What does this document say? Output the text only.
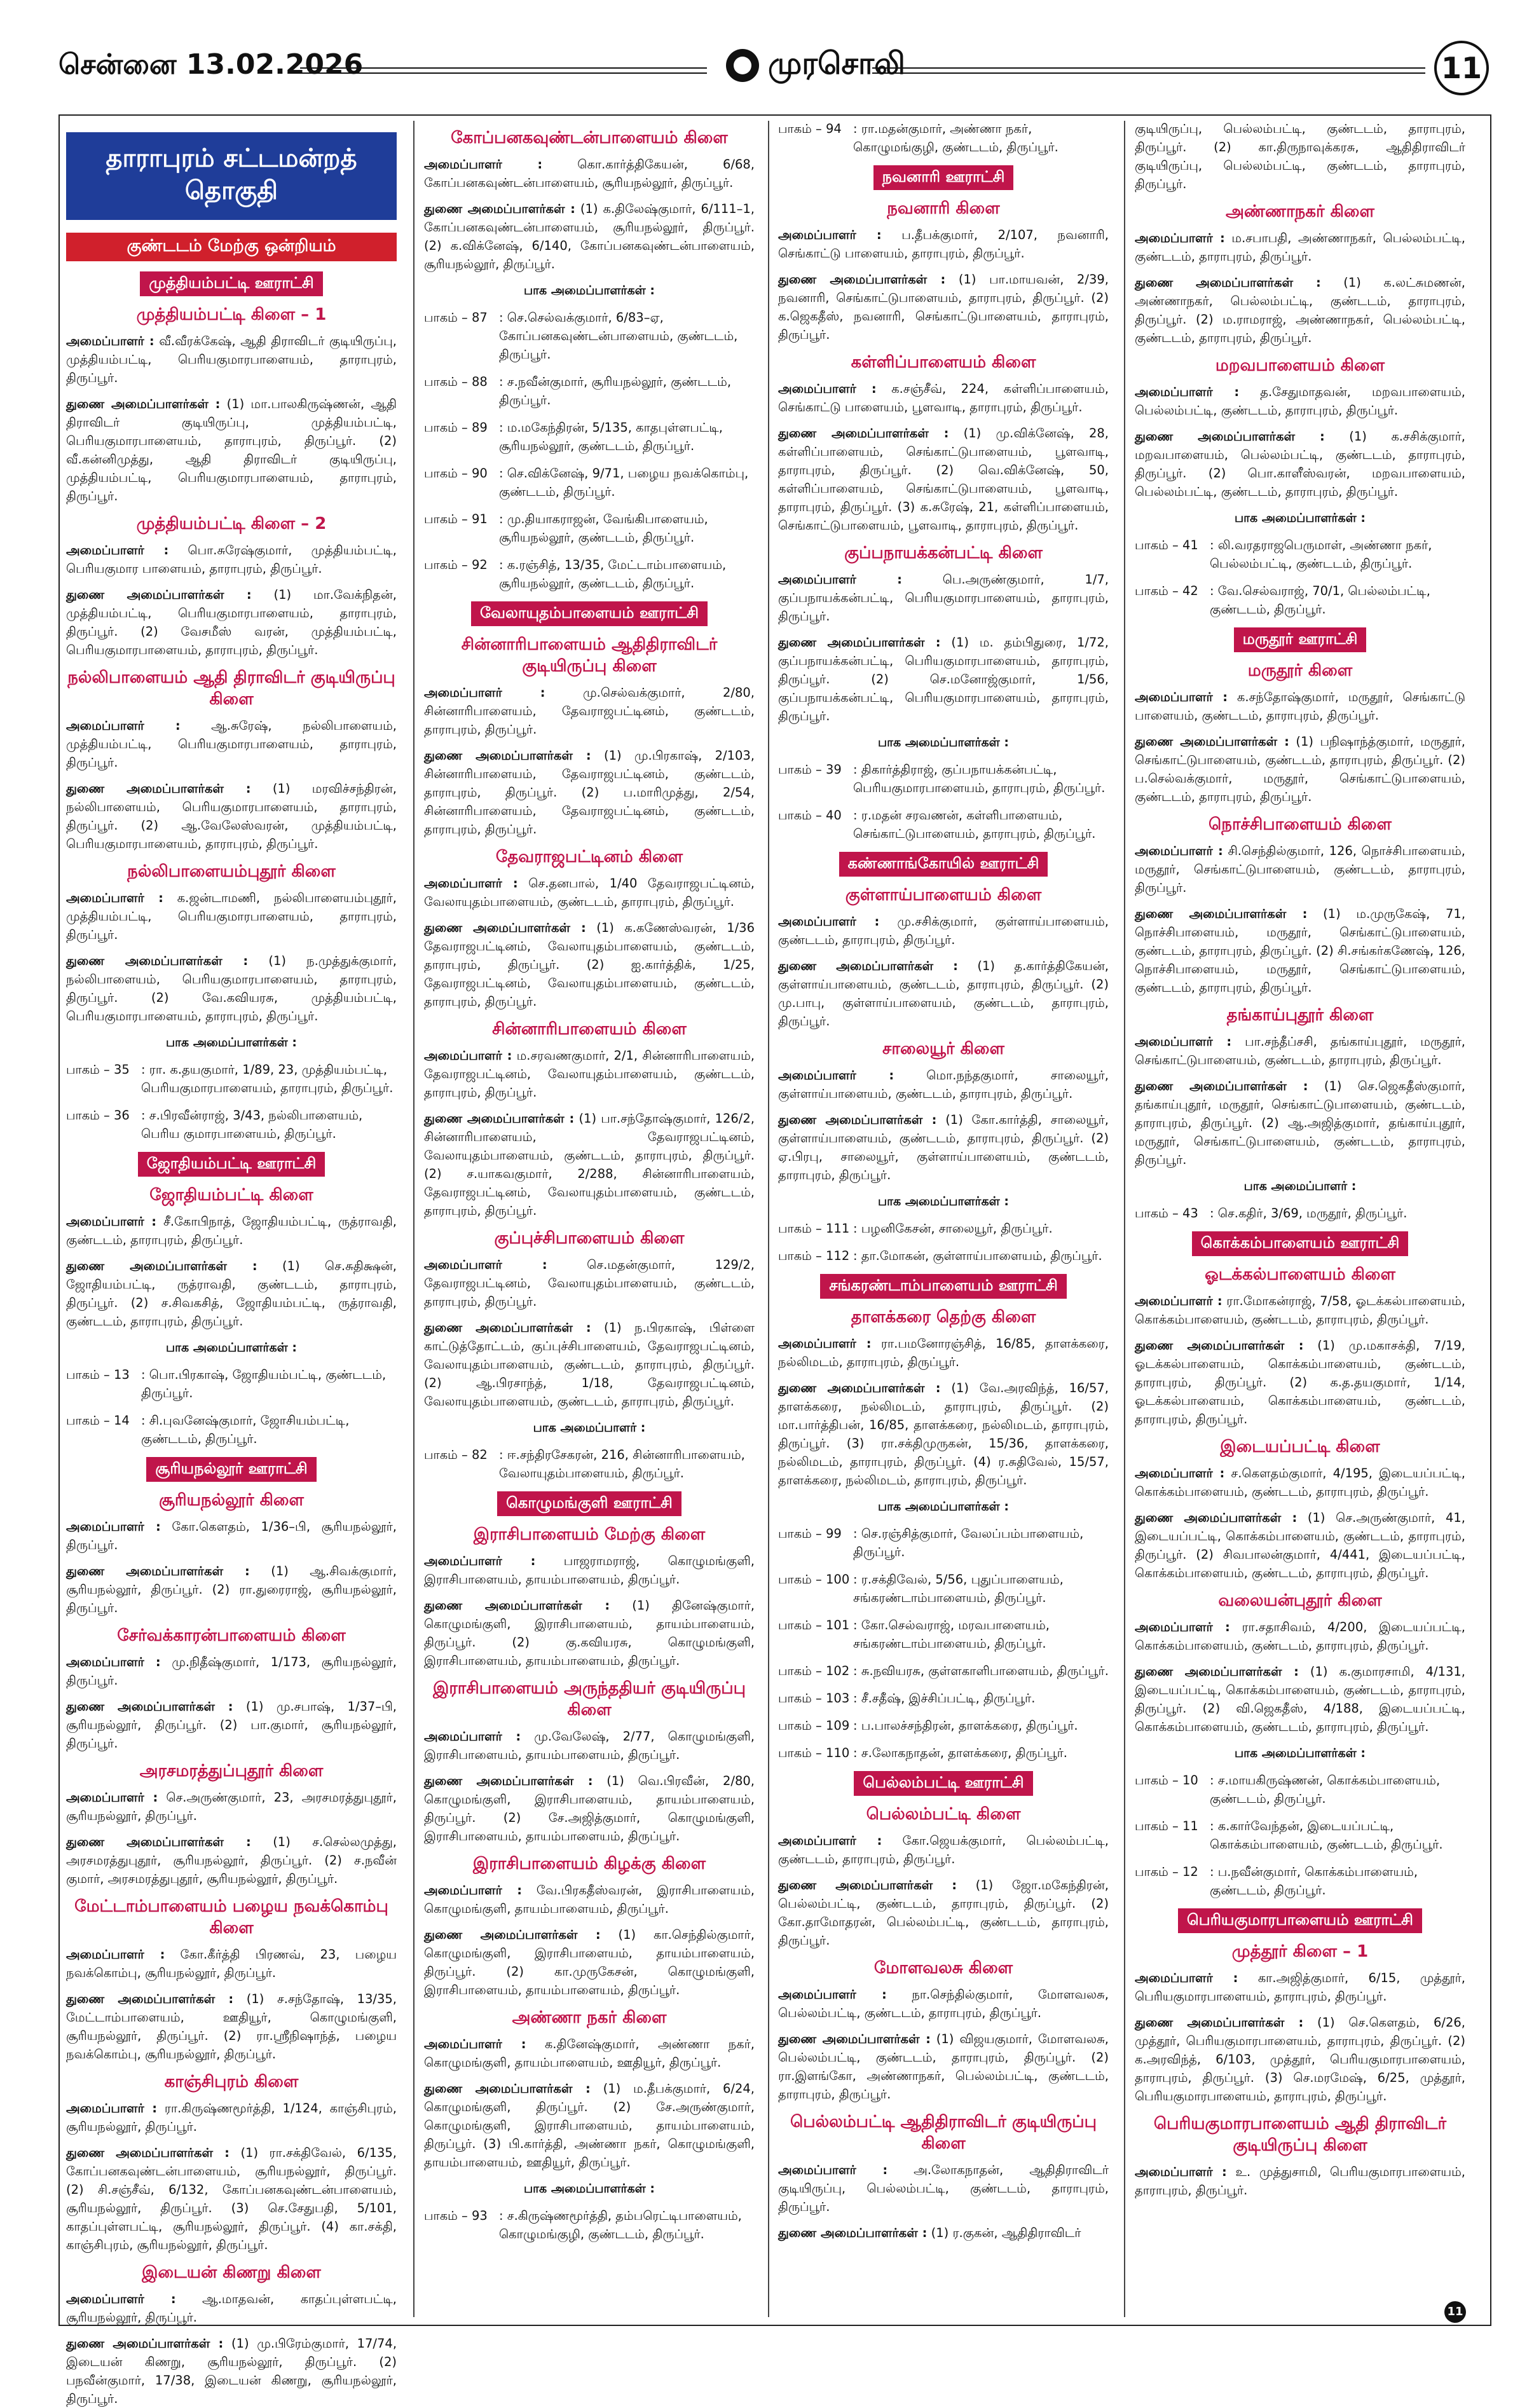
சென்னை 13.02.2026	முரசொலி	11
தாராபுரம் சட்டமன்றத் தொகுதி
குண்டடம் மேற்கு ஒன்றியம்
முத்தியம்பட்டி ஊராட்சி
முத்தியம்பட்டி கிளை – 1
அமைப்பாளர் : வீ.வீரக்கேஷ், ஆதி திராவிடர் குடியிருப்பு, முத்தியம்பட்டி, பெரியகுமாரபாளையம், தாராபுரம், திருப்பூர்.
துணை அமைப்பாளர்கள் : (1) மா.பாலகிருஷ்ணன், ஆதி திராவிடர் குடியிருப்பு, முத்தியம்பட்டி, பெரியகுமாரபாளையம், தாராபுரம், திருப்பூர். (2) வீ.கன்னிமுத்து, ஆதி திராவிடர் குடியிருப்பு, முத்தியம்பட்டி, பெரியகுமாரபாளையம், தாராபுரம், திருப்பூர்.
முத்தியம்பட்டி கிளை – 2
அமைப்பாளர் : பொ.சுரேஷ்குமார், முத்தியம்பட்டி, பெரியகுமார பாளையம், தாராபுரம், திருப்பூர்.
துணை அமைப்பாளர்கள் : (1) மா.வேக்நிதன், முத்தியம்பட்டி, பெரியகுமாரபாளையம், தாராபுரம், திருப்பூர். (2) வேசமீஸ் வரன், முத்தியம்பட்டி, பெரியகுமாரபாளையம், தாராபுரம், திருப்பூர்.
நல்லிபாளையம் ஆதி திராவிடர் குடியிருப்பு கிளை
அமைப்பாளர் : ஆ.சுரேஷ், நல்லிபாளையம், முத்தியம்பட்டி, பெரியகுமாரபாளையம், தாராபுரம், திருப்பூர்.
துணை அமைப்பாளர்கள் : (1) மரவிச்சந்திரன், நல்லிபாளையம், பெரியகுமாரபாளையம், தாராபுரம், திருப்பூர். (2) ஆ.வேலேஸ்வரன், முத்தியம்பட்டி, பெரியகுமாரபாளையம், தாராபுரம், திருப்பூர்.
நல்லிபாளையம்புதூர் கிளை
அமைப்பாளர் : க.ஜன்டாமணி, நல்லிபாளையம்புதூர், முத்தியம்பட்டி, பெரியகுமாரபாளையம், தாராபுரம், திருப்பூர்.
துணை அமைப்பாளர்கள் : (1) ந.முத்துக்குமார், நல்லிபாளையம், பெரியகுமாரபாளையம், தாராபுரம், திருப்பூர். (2) வே.கவியரசு, முத்தியம்பட்டி, பெரியகுமாரபாளையம், தாராபுரம், திருப்பூர்.
பாக அமைப்பாளர்கள் :
பாகம் – 35 : ரா. க.தயகுமார், 1/89, 23, முத்தியம்பட்டி, பெரியகுமாரபாளையம், தாராபுரம், திருப்பூர்.
பாகம் – 36 : ச.பிரவீன்ராஜ், 3/43, நல்லிபாளையம், பெரிய குமாரபாளையம், திருப்பூர்.
ஜோதியம்பட்டி ஊராட்சி
ஜோதியம்பட்டி கிளை
அமைப்பாளர் : சீ.கோபிநாத், ஜோதியம்பட்டி, ருத்ராவதி, குண்டடம், தாராபுரம், திருப்பூர்.
துணை அமைப்பாளர்கள் : (1) செ.சுதிக்ஷன், ஜோதியம்பட்டி, ருத்ராவதி, குண்டடம், தாராபுரம், திருப்பூர். (2) ச.சிவகசித், ஜோதியம்பட்டி, ருத்ராவதி, குண்டடம், தாராபுரம், திருப்பூர்.
பாக அமைப்பாளர்கள் :
பாகம் – 13 : பொ.பிரகாஷ், ஜோதியம்பட்டி, குண்டடம், திருப்பூர்.
பாகம் – 14 : சி.புவனேஷ்குமார், ஜோசியம்பட்டி, குண்டடம், திருப்பூர்.
சூரியநல்லூர் ஊராட்சி
சூரியநல்லூர் கிளை
அமைப்பாளர் : கோ.கௌதம், 1/36–பி, சூரியநல்லூர், திருப்பூர்.
துணை அமைப்பாளர்கள் : (1) ஆ.சிவக்குமார், சூரியநல்லூர், திருப்பூர். (2) ரா.துரைராஜ், சூரியநல்லூர், திருப்பூர்.
சேர்வக்காரன்பாளையம் கிளை
அமைப்பாளர் : மு.நிதீஷ்குமார், 1/173, சூரியநல்லூர், திருப்பூர்.
துணை அமைப்பாளர்கள் : (1) மு.சபாஷ், 1/37–பி, சூரியநல்லூர், திருப்பூர். (2) பா.குமார், சூரியநல்லூர், திருப்பூர்.
அரசமரத்துப்புதூர் கிளை
அமைப்பாளர் : செ.அருண்குமார், 23, அரசமரத்துபுதூர், சூரியநல்லூர், திருப்பூர்.
துணை அமைப்பாளர்கள் : (1) ச.செல்லமுத்து, அரசமரத்துபுதூர், சூரியநல்லூர், திருப்பூர். (2) ச.நவீன் குமார், அரசமரத்துபுதூர், சூரியநல்லூர், திருப்பூர்.
மேட்டாம்பாளையம் பழைய நவக்கொம்பு கிளை
அமைப்பாளர் : கோ.கீர்த்தி பிரணவ், 23, பழைய நவக்கொம்பு, சூரியநல்லூர், திருப்பூர்.
துணை அமைப்பாளர்கள் : (1) ச.சந்தோஷ், 13/35, மேட்டாம்பாளையம், ஊதியூர், கொழுமங்குளி, சூரியநல்லூர், திருப்பூர். (2) ரா.ஸ்ரீநிஷாந்த், பழைய நவக்கொம்பு, சூரியநல்லூர், திருப்பூர்.
காஞ்சிபுரம் கிளை
அமைப்பாளர் : ரா.கிருஷ்ணமூர்த்தி, 1/124, காஞ்சிபுரம், சூரியநல்லூர், திருப்பூர்.
துணை அமைப்பாளர்கள் : (1) ரா.சக்திவேல், 6/135, கோப்பனகவுண்டன்பாளையம், சூரியநல்லூர், திருப்பூர். (2) சி.சஞ்சீவ், 6/132, கோப்பனகவுண்டன்பாளையம், சூரியநல்லூர், திருப்பூர். (3) செ.சேதுபதி, 5/101, காதப்புள்ளபட்டி, சூரியநல்லூர், திருப்பூர். (4) கா.சக்தி, காஞ்சிபுரம், சூரியநல்லூர், திருப்பூர்.
இடையன் கிணறு கிளை
அமைப்பாளர் : ஆ.மாதவன், காதப்புள்ளபட்டி, சூரியநல்லூர், திருப்பூர்.
துணை அமைப்பாளர்கள் : (1) மு.பிரேம்குமார், 17/74, இடையன் கிணறு, சூரியநல்லூர், திருப்பூர். (2) பநவீன்குமார், 17/38, இடையன் கிணறு, சூரியநல்லூர், திருப்பூர்.
கோப்பனகவுண்டன்பாளையம் கிளை
அமைப்பாளர் :	கொ.கார்த்திகேயன், 6/68, கோப்பனகவுண்டன்பாளையம், சூரியநல்லூர், திருப்பூர்.
துணை அமைப்பாளர்கள் : (1) க.திலேஷ்குமார், 6/111–1, கோப்பனகவுண்டன்பாளையம், சூரியநல்லூர், திருப்பூர். (2) க.விக்னேஷ், 6/140, கோப்பனகவுண்டன்பாளையம், சூரியநல்லூர், திருப்பூர்.
பாக அமைப்பாளர்கள் :
பாகம் – 87 : செ.செல்வக்குமார், 6/83–ஏ, கோப்பனகவுண்டன்பாளையம், குண்டடம், திருப்பூர்.
பாகம் – 88 : ச.நவீன்குமார், சூரியநல்லூர், குண்டடம், திருப்பூர்.
பாகம் – 89 : ம.மகேந்திரன், 5/135, காதபுள்ளபட்டி, சூரியநல்லூர், குண்டடம், திருப்பூர்.
பாகம் – 90 : செ.விக்னேஷ், 9/71, பழைய நவக்கொம்பு, குண்டடம், திருப்பூர்.
பாகம் – 91 : மு.தியாகராஜன், வேங்கிபாளையம், சூரியநல்லூர், குண்டடம், திருப்பூர்.
பாகம் – 92 : க.ரஞ்சித், 13/35, மேட்டாம்பாளையம், சூரியநல்லூர், குண்டடம், திருப்பூர்.
வேலாயுதம்பாளையம் ஊராட்சி
சின்னாரிபாளையம் ஆதிதிராவிடர் குடியிருப்பு கிளை
அமைப்பாளர் :	மு.செல்வக்குமார், 2/80, சின்னாரிபாளையம், தேவராஜபட்டினம், குண்டடம், தாராபுரம், திருப்பூர்.
துணை அமைப்பாளர்கள் : (1) மு.பிரகாஷ், 2/103, சின்னாரிபாளையம், தேவராஜபட்டினம், குண்டடம், தாராபுரம், திருப்பூர். (2) ப.மாரிமுத்து, 2/54, சின்னாரிபாளையம், தேவராஜபட்டினம், குண்டடம், தாராபுரம், திருப்பூர்.
தேவராஜபட்டினம் கிளை
அமைப்பாளர் : செ.தனபால், 1/40 தேவராஜபட்டினம், வேலாயுதம்பாளையம், குண்டடம், தாராபுரம், திருப்பூர்.
துணை அமைப்பாளர்கள் : (1) க.கணேஸ்வரன், 1/36 தேவராஜபட்டினம், வேலாயுதம்பாளையம், குண்டடம், தாராபுரம், திருப்பூர். (2) ஐ.கார்த்திக், 1/25, தேவராஜபட்டினம், வேலாயுதம்பாளையம், குண்டடம், தாராபுரம், திருப்பூர்.
சின்னாரிபாளையம் கிளை
அமைப்பாளர் : ம.சரவணகுமார், 2/1, சின்னாரிபாளையம், தேவராஜபட்டினம், வேலாயுதம்பாளையம், குண்டடம், தாராபுரம், திருப்பூர்.
துணை அமைப்பாளர்கள் : (1) பா.சந்தோஷ்குமார், 126/2, சின்னாரிபாளையம், தேவராஜபட்டினம், வேலாயுதம்பாளையம், குண்டடம், தாராபுரம், திருப்பூர். (2) ச.யாகவகுமார், 2/288, சின்னாரிபாளையம், தேவராஜபட்டினம், வேலாயுதம்பாளையம், குண்டடம், தாராபுரம், திருப்பூர்.
குப்புச்சிபாளையம் கிளை
அமைப்பாளர் :	செ.மதன்குமார், 129/2, தேவராஜபட்டினம், வேலாயுதம்பாளையம், குண்டடம், தாராபுரம், திருப்பூர்.
துணை அமைப்பாளர்கள் : (1) ந.பிரகாஷ், பிள்ளை காட்டுத்தோட்டம், குப்புச்சிபாளையம், தேவராஜபட்டினம், வேலாயுதம்பாளையம், குண்டடம், தாராபுரம், திருப்பூர். (2) ஆ.பிரசாந்த், 1/18, தேவராஜபட்டினம், வேலாயுதம்பாளையம், குண்டடம், தாராபுரம், திருப்பூர்.
பாக அமைப்பாளர் :
பாகம் – 82 : ஈ.சந்திரசேகரன், 216, சின்னாரிபாளையம், வேலாயுதம்பாளையம், திருப்பூர்.
கொழுமங்குளி ஊராட்சி
இராசிபாளையம் மேற்கு கிளை
அமைப்பாளர் : பாஜராமராஜ், கொழுமங்குளி, இராசிபாளையம், தாயம்பாளையம், திருப்பூர்.
துணை அமைப்பாளர்கள் : (1) தினேஷ்குமார், கொழுமங்குளி, இராசிபாளையம், தாயம்பாளையம், திருப்பூர். (2) கு.கவியரசு, கொழுமங்குளி, இராசிபாளையம், தாயம்பாளையம், திருப்பூர்.
இராசிபாளையம் அருந்ததியர் குடியிருப்பு கிளை
அமைப்பாளர் : மு.வேலேஷ், 2/77, கொழுமங்குளி, இராசிபாளையம், தாயம்பாளையம், திருப்பூர்.
துணை அமைப்பாளர்கள் : (1) வெ.பிரவீன், 2/80, கொழுமங்குளி, இராசிபாளையம், தாயம்பாளையம், திருப்பூர். (2) சே.அஜித்குமார், கொழுமங்குளி, இராசிபாளையம், தாயம்பாளையம், திருப்பூர்.
இராசிபாளையம் கிழக்கு கிளை
அமைப்பாளர் : வே.பிரகதீஸ்வரன், இராசிபாளையம், கொழுமங்குளி, தாயம்பாளையம், திருப்பூர்.
துணை அமைப்பாளர்கள் : (1) கா.செந்தில்குமார், கொழுமங்குளி, இராசிபாளையம், தாயம்பாளையம், திருப்பூர். (2) கா.முருகேசன், கொழுமங்குளி, இராசிபாளையம், தாயம்பாளையம், திருப்பூர்.
அண்ணா நகர் கிளை
அமைப்பாளர் : க.தினேஷ்குமார், அண்ணா நகர், கொழுமங்குளி, தாயம்பாளையம், ஊதியூர், திருப்பூர்.
துணை அமைப்பாளர்கள் : (1) ம.தீபக்குமார், 6/24, கொழுமங்குளி, திருப்பூர். (2) சே.அருண்குமார், கொழுமங்குளி, இராசிபாளையம், தாயம்பாளையம், திருப்பூர். (3) பி.கார்த்தி, அண்ணா நகர், கொழுமங்குளி, தாயம்பாளையம், ஊதியூர், திருப்பூர்.
பாக அமைப்பாளர்கள் :
பாகம் – 93 : ச.கிருஷ்ணமூர்த்தி, தம்பரெட்டிபாளையம், கொழுமங்குழி, குண்டடம், திருப்பூர்.
பாகம் – 94 : ரா.மதன்குமார், அண்ணா நகர், கொழுமங்குழி, குண்டடம், திருப்பூர்.
நவனாரி ஊராட்சி
நவனாரி கிளை
அமைப்பாளர் : ப.தீபக்குமார், 2/107, நவனாரி, செங்காட்டு பாளையம், தாராபுரம், திருப்பூர்.
துணை அமைப்பாளர்கள் : (1) பா.மாயவன், 2/39, நவனாரி, செங்காட்டுபாளையம், தாராபுரம், திருப்பூர். (2) க.ஜெகதீஸ், நவனாரி, செங்காட்டுபாளையம், தாராபுரம், திருப்பூர்.
கள்ளிப்பாளையம் கிளை
அமைப்பாளர் : க.சஞ்சீவ், 224, கள்ளிப்பாளையம், செங்காட்டு பாளையம், பூளவாடி, தாராபுரம், திருப்பூர்.
துணை அமைப்பாளர்கள் : (1) மு.விக்னேஷ், 28, கள்ளிப்பாளையம், செங்காட்டுபாளையம், பூளவாடி, தாராபுரம், திருப்பூர். (2) வெ.விக்னேஷ், 50, கள்ளிப்பாளையம், செங்காட்டுபாளையம், பூளவாடி, தாராபுரம், திருப்பூர். (3) க.சுரேஷ், 21, கள்ளிப்பாளையம், செங்காட்டுபாளையம், பூளவாடி, தாராபுரம், திருப்பூர்.
குப்பநாயக்கன்பட்டி கிளை
அமைப்பாளர் :	பெ.அருண்குமார், 1/7, குப்பநாயக்கன்பட்டி, பெரியகுமாரபாளையம், தாராபுரம், திருப்பூர்.
துணை அமைப்பாளர்கள் : (1) ம. தம்பிதுரை, 1/72, குப்பநாயக்கன்பட்டி, பெரியகுமாரபாளையம், தாராபுரம், திருப்பூர். (2) செ.மனோஜ்குமார், 1/56, குப்பநாயக்கன்பட்டி, பெரியகுமாரபாளையம், தாராபுரம், திருப்பூர்.
பாக அமைப்பாளர்கள் :
பாகம் – 39 : திகார்த்திராஜ், குப்பநாயக்கன்பட்டி, பெரியகுமாரபாளையம், தாராபுரம், திருப்பூர்.
பாகம் – 40 : ர.மதன் சரவணன், கள்ளிபாளையம், செங்காட்டுபாளையம், தாராபுரம், திருப்பூர்.
கண்ணாங்கோயில் ஊராட்சி
குள்ளாய்பாளையம் கிளை
அமைப்பாளர் : மு.சசிக்குமார், குள்ளாய்பாளையம், குண்டடம், தாராபுரம், திருப்பூர்.
துணை அமைப்பாளர்கள் : (1) த.கார்த்திகேயன், குள்ளாய்பாளையம், குண்டடம், தாராபுரம், திருப்பூர். (2) மு.பாபு, குள்ளாய்பாளையம், குண்டடம், தாராபுரம், திருப்பூர்.
சாலையூர் கிளை
அமைப்பாளர் :	மொ.நந்தகுமார், சாலையூர், குள்ளாய்பாளையம், குண்டடம், தாராபுரம், திருப்பூர்.
துணை அமைப்பாளர்கள் : (1) கோ.கார்த்தி, சாலையூர், குள்ளாய்பாளையம், குண்டடம், தாராபுரம், திருப்பூர். (2) ஏ.பிரபு, சாலையூர், குள்ளாய்பாளையம், குண்டடம், தாராபுரம், திருப்பூர்.
பாக அமைப்பாளர்கள் :
பாகம் – 111 : பழனிகேசன், சாலையூர், திருப்பூர்.
பாகம் – 112 : தா.மோகன், குள்ளாய்பாளையம், திருப்பூர்.
சங்கரண்டாம்பாளையம் ஊராட்சி
தாளக்கரை தெற்கு கிளை
அமைப்பாளர் : ரா.பமனோரஞ்சித், 16/85, தாளக்கரை, நல்லிமடம், தாராபுரம், திருப்பூர்.
துணை அமைப்பாளர்கள் : (1) வே.அரவிந்த், 16/57, தாளக்கரை, நல்லிமடம், தாராபுரம், திருப்பூர். (2) மா.பார்த்திபன், 16/85, தாளக்கரை, நல்லிமடம், தாராபுரம், திருப்பூர். (3) ரா.சக்திமுருகன், 15/36, தாளக்கரை, நல்லிமடம், தாராபுரம், திருப்பூர். (4) ர.சுதிவேல், 15/57, தாளக்கரை, நல்லிமடம், தாராபுரம், திருப்பூர்.
பாக அமைப்பாளர்கள் :
பாகம் – 99 : செ.ரஞ்சித்குமார், வேலப்பம்பாளையம், திருப்பூர்.
பாகம் – 100 : ர.சக்திவேல், 5/56, புதுப்பாளையம், சங்கரண்டாம்பாளையம், திருப்பூர்.
பாகம் – 101 : கோ.செல்வராஜ், மரவபாளையம், சங்கரண்டாம்பாளையம், திருப்பூர்.
பாகம் – 102 : சு.நவியரசு, குள்ளகாளிபாளையம், திருப்பூர்.
பாகம் – 103 : சீ.சதீஷ், இச்சிப்பட்டி, திருப்பூர்.
பாகம் – 109 : ப.பாலச்சந்திரன், தாளக்கரை, திருப்பூர்.
பாகம் – 110 : ச.லோகநாதன், தாளக்கரை, திருப்பூர்.
பெல்லம்பட்டி ஊராட்சி
பெல்லம்பட்டி கிளை
அமைப்பாளர் : கோ.ஜெயக்குமார், பெல்லம்பட்டி, குண்டடம், தாராபுரம், திருப்பூர்.
துணை அமைப்பாளர்கள் : (1) ஜோ.மகேந்திரன், பெல்லம்பட்டி, குண்டடம், தாராபுரம், திருப்பூர். (2) கோ.தாமோதரன், பெல்லம்பட்டி, குண்டடம், தாராபுரம், திருப்பூர்.
மோளவலசு கிளை
அமைப்பாளர் : நா.செந்தில்குமார், மோளவலசு, பெல்லம்பட்டி, குண்டடம், தாராபுரம், திருப்பூர்.
துணை அமைப்பாளர்கள் : (1) விஜயகுமார், மோளவலசு, பெல்லம்பட்டி, குண்டடம், தாராபுரம், திருப்பூர். (2) ரா.இளங்கோ, அண்ணாநகர், பெல்லம்பட்டி, குண்டடம், தாராபுரம், திருப்பூர்.
பெல்லம்பட்டி ஆதிதிராவிடர் குடியிருப்பு கிளை
அமைப்பாளர் : அ.லோகநாதன், ஆதிதிராவிடர் குடியிருப்பு, பெல்லம்பட்டி, குண்டடம், தாராபுரம், திருப்பூர்.
துணை அமைப்பாளர்கள் : (1) ர.குகன், ஆதிதிராவிடர்
குடியிருப்பு, பெல்லம்பட்டி, குண்டடம், தாராபுரம், திருப்பூர். (2) கா.திருநாவுக்கரசு, ஆதிதிராவிடர் குடியிருப்பு, பெல்லம்பட்டி, குண்டடம், தாராபுரம், திருப்பூர்.
அண்ணாநகர் கிளை
அமைப்பாளர் : ம.சபாபதி, அண்ணாநகர், பெல்லம்பட்டி, குண்டடம், தாராபுரம், திருப்பூர்.
துணை அமைப்பாளர்கள் : (1) க.லட்சுமணன், அண்ணாநகர், பெல்லம்பட்டி, குண்டடம், தாராபுரம், திருப்பூர். (2) ம.ராமராஜ், அண்ணாநகர், பெல்லம்பட்டி, குண்டடம், தாராபுரம், திருப்பூர்.
மறவபாளையம் கிளை
அமைப்பாளர் : த.சேதுமாதவன், மறவபாளையம், பெல்லம்பட்டி, குண்டடம், தாராபுரம், திருப்பூர்.
துணை அமைப்பாளர்கள் : (1) க.சசிக்குமார், மறவபாளையம், பெல்லம்பட்டி, குண்டடம், தாராபுரம், திருப்பூர். (2) பொ.காளீஸ்வரன், மறவபாளையம், பெல்லம்பட்டி, குண்டடம், தாராபுரம், திருப்பூர்.
பாக அமைப்பாளர்கள் :
பாகம் – 41 : லி.வரதராஜபெருமாள், அண்ணா நகர், பெல்லம்பட்டி, குண்டடம், திருப்பூர்.
பாகம் – 42 : வே.செல்வராஜ், 70/1, பெல்லம்பட்டி, குண்டடம், திருப்பூர்.
மருதூர் ஊராட்சி
மருதூர் கிளை
அமைப்பாளர் : க.சந்தோஷ்குமார், மருதூர், செங்காட்டு பாளையம், குண்டடம், தாராபுரம், திருப்பூர்.
துணை அமைப்பாளர்கள் : (1) பநிஷாந்த்குமார், மருதூர், செங்காட்டுபாளையம், குண்டடம், தாராபுரம், திருப்பூர். (2) ப.செல்வக்குமார், மருதூர், செங்காட்டுபாளையம், குண்டடம், தாராபுரம், திருப்பூர்.
நொச்சிபாளையம் கிளை
அமைப்பாளர் : சி.செந்தில்குமார், 126, நொச்சிபாளையம், மருதூர், செங்காட்டுபாளையம், குண்டடம், தாராபுரம், திருப்பூர்.
துணை அமைப்பாளர்கள் : (1) ம.முருகேஷ், 71, நொச்சிபாளையம், மருதூர், செங்காட்டுபாளையம், குண்டடம், தாராபுரம், திருப்பூர். (2) சி.சங்கர்கணேஷ், 126, நொச்சிபாளையம், மருதூர், செங்காட்டுபாளையம், குண்டடம், தாராபுரம், திருப்பூர்.
தங்காய்புதூர் கிளை
அமைப்பாளர் : பா.சந்தீப்சசி, தங்காய்புதூர், மருதூர், செங்காட்டுபாளையம், குண்டடம், தாராபுரம், திருப்பூர்.
துணை அமைப்பாளர்கள் : (1) செ.ஜெகதீஸ்குமார், தங்காய்புதூர், மருதூர், செங்காட்டுபாளையம், குண்டடம், தாராபுரம், திருப்பூர். (2) ஆ.அஜித்குமார், தங்காய்புதூர், மருதூர், செங்காட்டுபாளையம், குண்டடம், தாராபுரம், திருப்பூர்.
பாக அமைப்பாளர் :
பாகம் – 43 : செ.கதிர், 3/69, மருதூர், திருப்பூர்.
கொக்கம்பாளையம் ஊராட்சி
ஓடக்கல்பாளையம் கிளை
அமைப்பாளர் : ரா.மோகன்ராஜ், 7/58, ஓடக்கல்பாளையம், கொக்கம்பாளையம், குண்டடம், தாராபுரம், திருப்பூர்.
துணை அமைப்பாளர்கள் : (1) மு.மகாசக்தி, 7/19, ஓடக்கல்பாளையம், கொக்கம்பாளையம், குண்டடம், தாராபுரம், திருப்பூர். (2) க.த.தயகுமார், 1/14, ஓடக்கல்பாளையம், கொக்கம்பாளையம், குண்டடம், தாராபுரம், திருப்பூர்.
இடையப்பட்டி கிளை
அமைப்பாளர் : ச.கௌதம்குமார், 4/195, இடையப்பட்டி, கொக்கம்பாளையம், குண்டடம், தாராபுரம், திருப்பூர்.
துணை அமைப்பாளர்கள் : (1) செ.அருண்குமார், 41, இடையப்பட்டி, கொக்கம்பாளையம், குண்டடம், தாராபுரம், திருப்பூர். (2) சிவபாலன்குமார், 4/441, இடையப்பட்டி, கொக்கம்பாளையம், குண்டடம், தாராபுரம், திருப்பூர்.
வலையன்புதூர் கிளை
அமைப்பாளர் : ரா.சதாசிவம், 4/200, இடையப்பட்டி, கொக்கம்பாளையம், குண்டடம், தாராபுரம், திருப்பூர்.
துணை அமைப்பாளர்கள் : (1) க.குமாரசாமி, 4/131, இடையப்பட்டி, கொக்கம்பாளையம், குண்டடம், தாராபுரம், திருப்பூர். (2) வி.ஜெகதீஸ், 4/188, இடையப்பட்டி, கொக்கம்பாளையம், குண்டடம், தாராபுரம், திருப்பூர்.
பாக அமைப்பாளர்கள் :
பாகம் – 10 : ச.மாயகிருஷ்ணன், கொக்கம்பாளையம், குண்டடம், திருப்பூர்.
பாகம் – 11 : க.கார்வேந்தன், இடையப்பட்டி, கொக்கம்பாளையம், குண்டடம், திருப்பூர்.
பாகம் – 12 : ப.நவீன்குமார், கொக்கம்பாளையம், குண்டடம், திருப்பூர்.
பெரியகுமாரபாளையம் ஊராட்சி
முத்தூர் கிளை – 1
அமைப்பாளர் : கா.அஜித்குமார், 6/15, முத்தூர், பெரியகுமாரபாளையம், தாராபுரம், திருப்பூர்.
துணை அமைப்பாளர்கள் : (1) செ.கௌதம், 6/26, முத்தூர், பெரியகுமாரபாளையம், தாராபுரம், திருப்பூர். (2) க.அரவிந்த், 6/103, முத்தூர், பெரியகுமாரபாளையம், தாராபுரம், திருப்பூர். (3) செ.மரமேஷ், 6/25, முத்தூர், பெரியகுமாரபாளையம், தாராபுரம், திருப்பூர்.
பெரியகுமாரபாளையம் ஆதி திராவிடர் குடியிருப்பு கிளை
அமைப்பாளர் : உ. முத்துசாமி, பெரியகுமாரபாளையம், தாராபுரம், திருப்பூர்.
11
